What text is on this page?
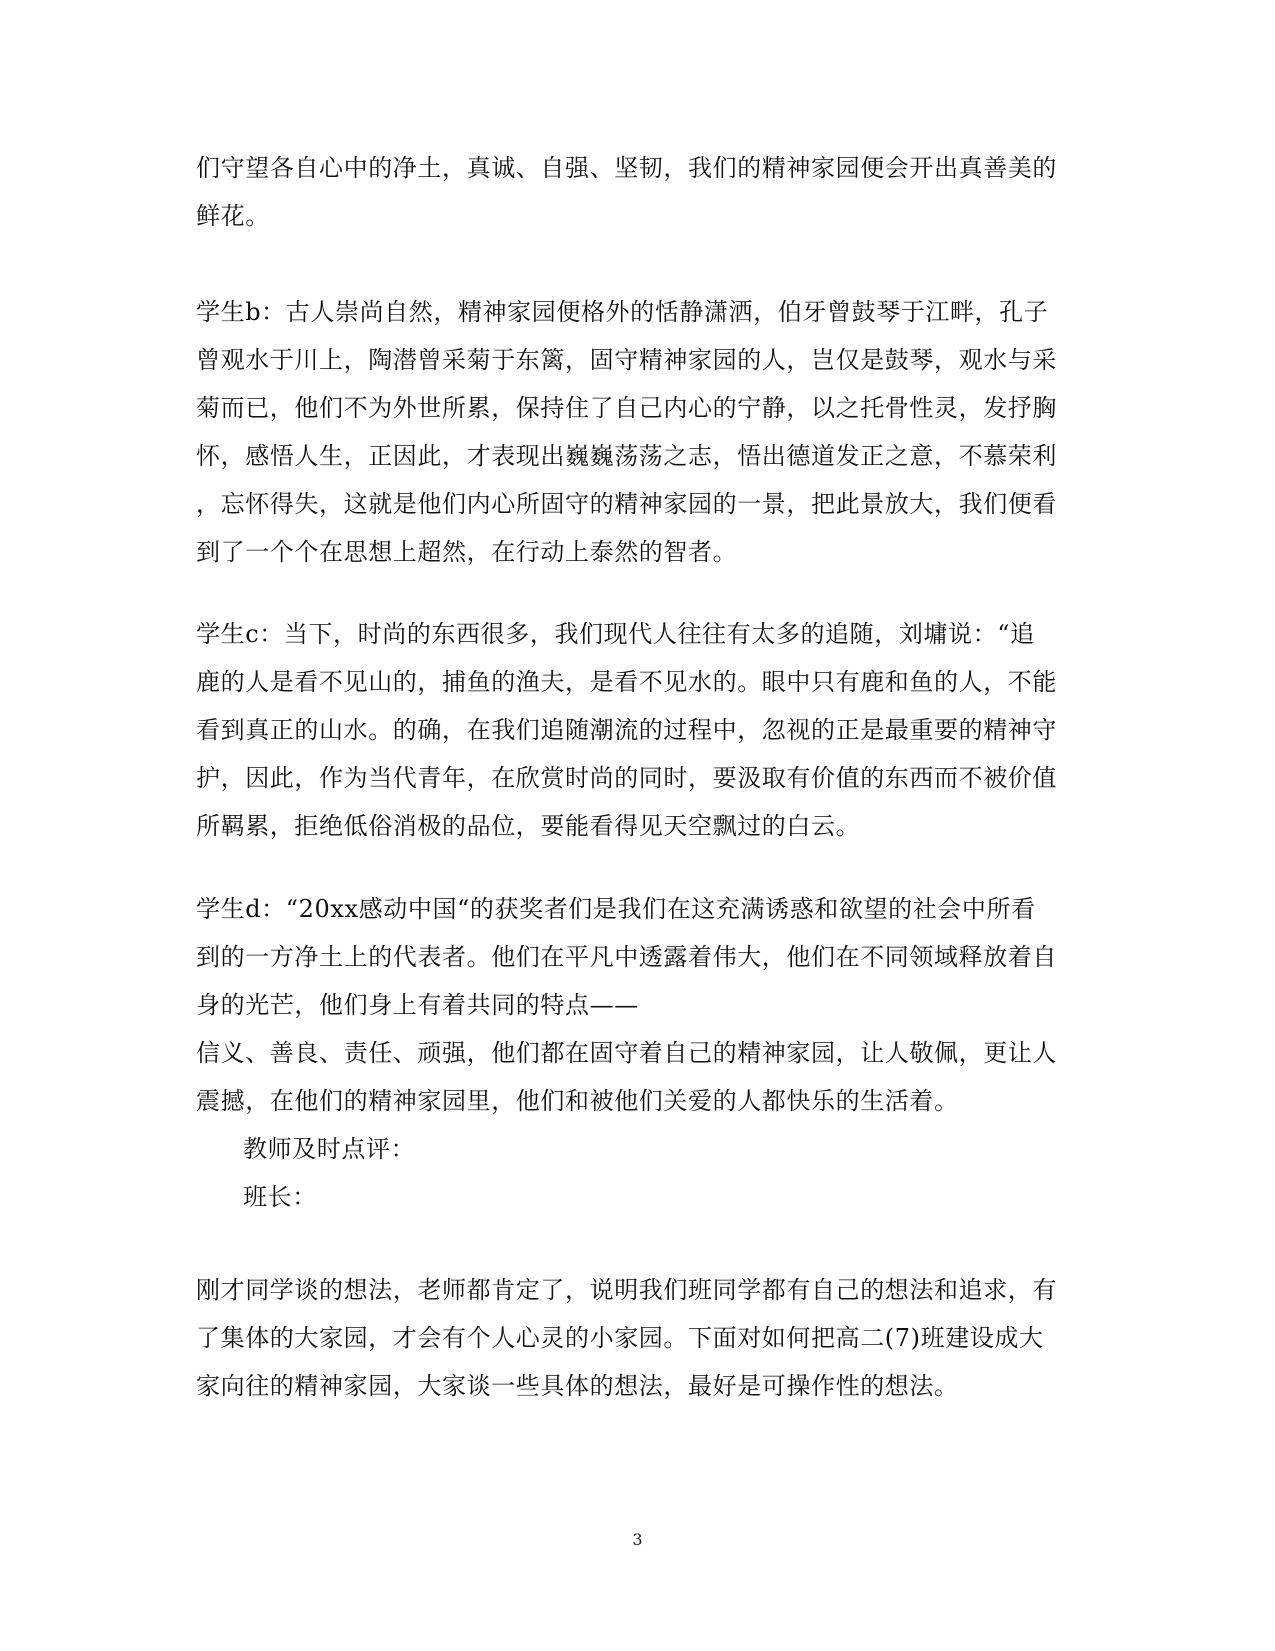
们守望各自心中的净土，真诚、自强、坚韧，我们的精神家园便会开出真善美的
鲜花。
学生b：古人崇尚自然，精神家园便格外的恬静潇洒，伯牙曾鼓琴于江畔，孔子
曾观水于川上，陶潜曾采菊于东篱，固守精神家园的人，岂仅是鼓琴，观水与采
菊而已，他们不为外世所累，保持住了自己内心的宁静，以之托骨性灵，发抒胸
怀，感悟人生，正因此，才表现出巍巍荡荡之志，悟出德道发正之意，不慕荣利
，忘怀得失，这就是他们内心所固守的精神家园的一景，把此景放大，我们便看
到了一个个在思想上超然，在行动上泰然的智者。
学生c：当下，时尚的东西很多，我们现代人往往有太多的追随，刘墉说：“追
鹿的人是看不见山的，捕鱼的渔夫，是看不见水的。眼中只有鹿和鱼的人，不能
看到真正的山水。的确，在我们追随潮流的过程中，忽视的正是最重要的精神守
护，因此，作为当代青年，在欣赏时尚的同时，要汲取有价值的东西而不被价值
所羁累，拒绝低俗消极的品位，要能看得见天空飘过的白云。
学生d：“20xx感动中国“的获奖者们是我们在这充满诱惑和欲望的社会中所看
到的一方净土上的代表者。他们在平凡中透露着伟大，他们在不同领域释放着自
身的光芒，他们身上有着共同的特点——
信义、善良、责任、顽强，他们都在固守着自己的精神家园，让人敬佩，更让人
震撼，在他们的精神家园里，他们和被他们关爱的人都快乐的生活着。
教师及时点评：
班长：
刚才同学谈的想法，老师都肯定了，说明我们班同学都有自己的想法和追求，有
了集体的大家园，才会有个人心灵的小家园。下面对如何把高二(7)班建设成大
家向往的精神家园，大家谈一些具体的想法，最好是可操作性的想法。
3
